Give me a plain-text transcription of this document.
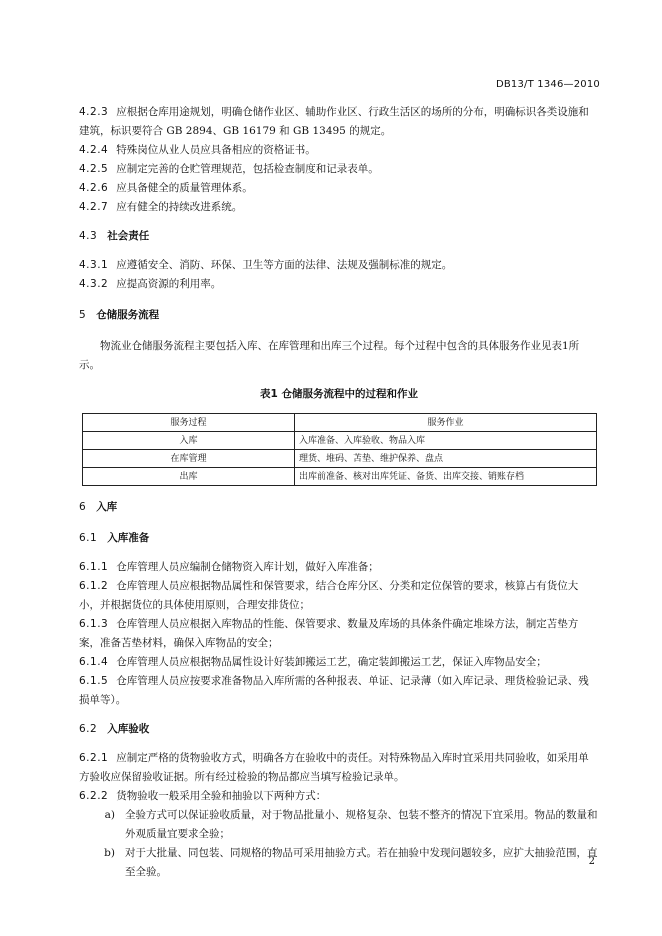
DB13/T 1346—2010

4.2.3 应根据仓库用途规划，明确仓储作业区、辅助作业区、行政生活区的场所的分布，明确标识各类设施和建筑，标识要符合 GB 2894、GB 16179 和 GB 13495 的规定。

4.2.4 特殊岗位从业人员应具备相应的资格证书。

4.2.5 应制定完善的仓贮管理规范，包括检查制度和记录表单。

4.2.6 应具备健全的质量管理体系。

4.2.7 应有健全的持续改进系统。

4.3 社会责任

4.3.1 应遵循安全、消防、环保、卫生等方面的法律、法规及强制标准的规定。

4.3.2 应提高资源的利用率。

5 仓储服务流程

物流业仓储服务流程主要包括入库、在库管理和出库三个过程。每个过程中包含的具体服务作业见表1所示。

表1 仓储服务流程中的过程和作业
服务过程	服务作业
入库	入库准备、入库验收、物品入库
在库管理	理货、堆码、苫垫、维护保养、盘点
出库	出库前准备、核对出库凭证、备货、出库交接、销账存档

6 入库

6.1 入库准备

6.1.1 仓库管理人员应编制仓储物资入库计划，做好入库准备；

6.1.2 仓库管理人员应根据物品属性和保管要求，结合仓库分区、分类和定位保管的要求，核算占有货位大小，并根据货位的具体使用原则，合理安排货位；

6.1.3 仓库管理人员应根据入库物品的性能、保管要求、数量及库场的具体条件确定堆垛方法，制定苫垫方案，准备苫垫材料，确保入库物品的安全；

6.1.4 仓库管理人员应根据物品属性设计好装卸搬运工艺，确定装卸搬运工艺，保证入库物品安全；

6.1.5 仓库管理人员应按要求准备物品入库所需的各种报表、单证、记录薄（如入库记录、理货检验记录、残损单等）。

6.2 入库验收

6.2.1 应制定严格的货物验收方式，明确各方在验收中的责任。对特殊物品入库时宜采用共同验收，如采用单方验收应保留验收证据。所有经过检验的物品都应当填写检验记录单。

6.2.2 货物验收一般采用全验和抽验以下两种方式：

a) 全验方式可以保证验收质量，对于物品批量小、规格复杂、包装不整齐的情况下宜采用。物品的数量和外观质量宜要求全验；
b) 对于大批量、同包装、同规格的物品可采用抽验方式。若在抽验中发现问题较多，应扩大抽验范围，直至全验。
2
